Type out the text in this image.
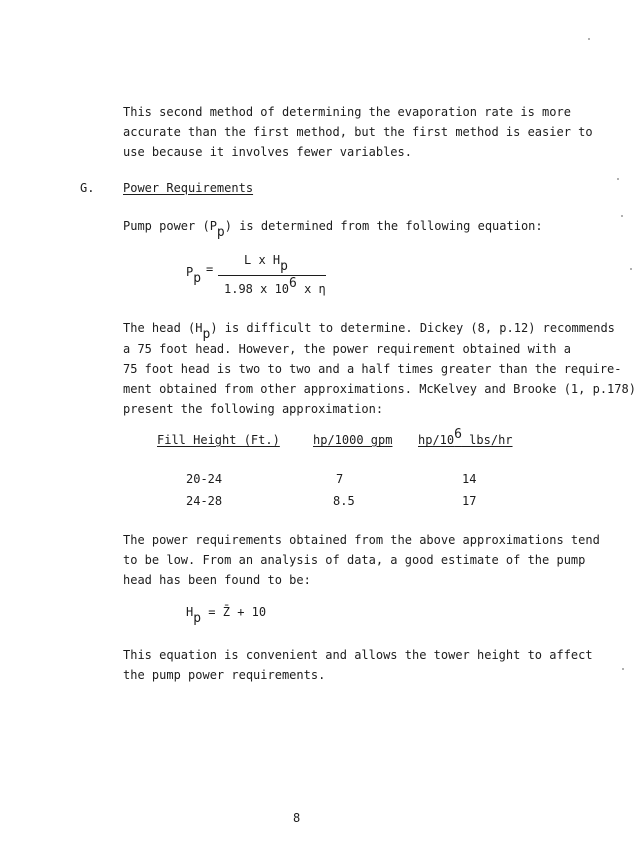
This second method of determining the evaporation rate is more
accurate than the first method, but the first method is easier to
use because it involves fewer variables.
G. Power Requirements
Pump power (Pp) is determined from the following equation:
Pp
=
L x Hp
1.98 x 106 x η
The head (Hp) is difficult to determine. Dickey (8, p.12) recommends
a 75 foot head. However, the power requirement obtained with a
75 foot head is two to two and a half times greater than the require-
ment obtained from other approximations. McKelvey and Brooke (1, p.178)
present the following approximation:
Fill Height (Ft.)	hp/1000 gpm hp/106 lbs/hr
20-24	7	14
24-28	8.5	17
The power requirements obtained from the above approximations tend
to be low. From an analysis of data, a good estimate of the pump
head has been found to be:
Hp = Z̄ + 10
This equation is convenient and allows the tower height to affect
the pump power requirements.
8
